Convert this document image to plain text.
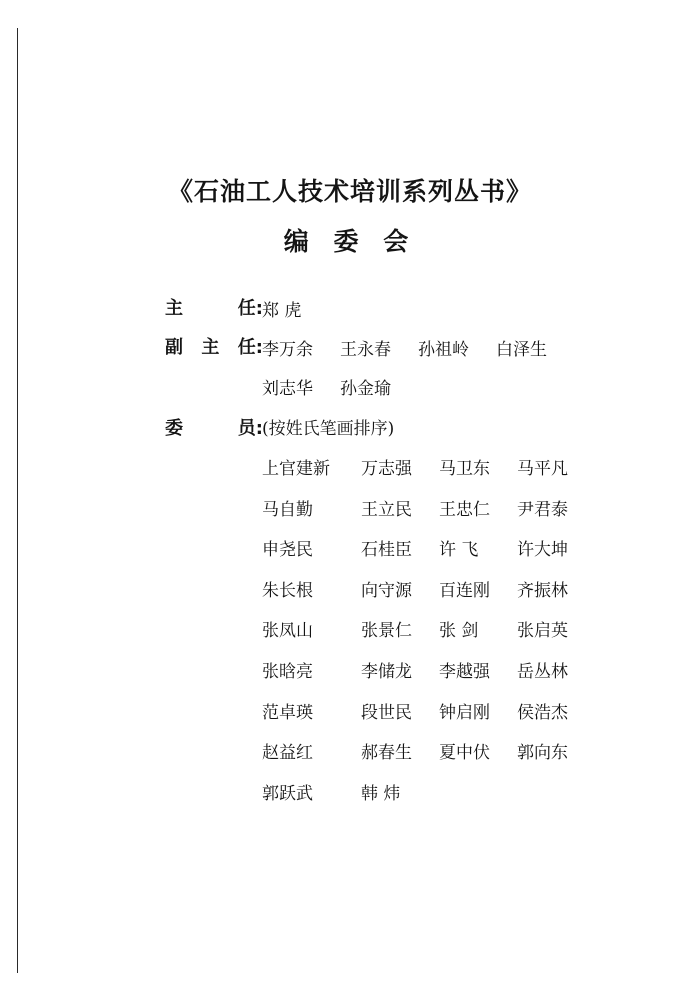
《石油工人技术培训系列丛书》
编 委 会
主	任: 郑 虎
副 主 任: 李万余 王永春 孙祖岭 白泽生
刘志华 孙金瑜
委	员: (按姓氏笔画排序)
上官建新 万志强 马卫东 马平凡
马自勤	王立民 王忠仁 尹君泰
申尧民	石桂臣 许 飞 许大坤
朱长根	向守源 百连刚 齐振林
张凤山	张景仁 张 剑 张启英
张晗亮	李储龙 李越强 岳丛林
范卓瑛	段世民 钟启刚 侯浩杰
赵益红	郝春生 夏中伏 郭向东
郭跃武	韩 炜
